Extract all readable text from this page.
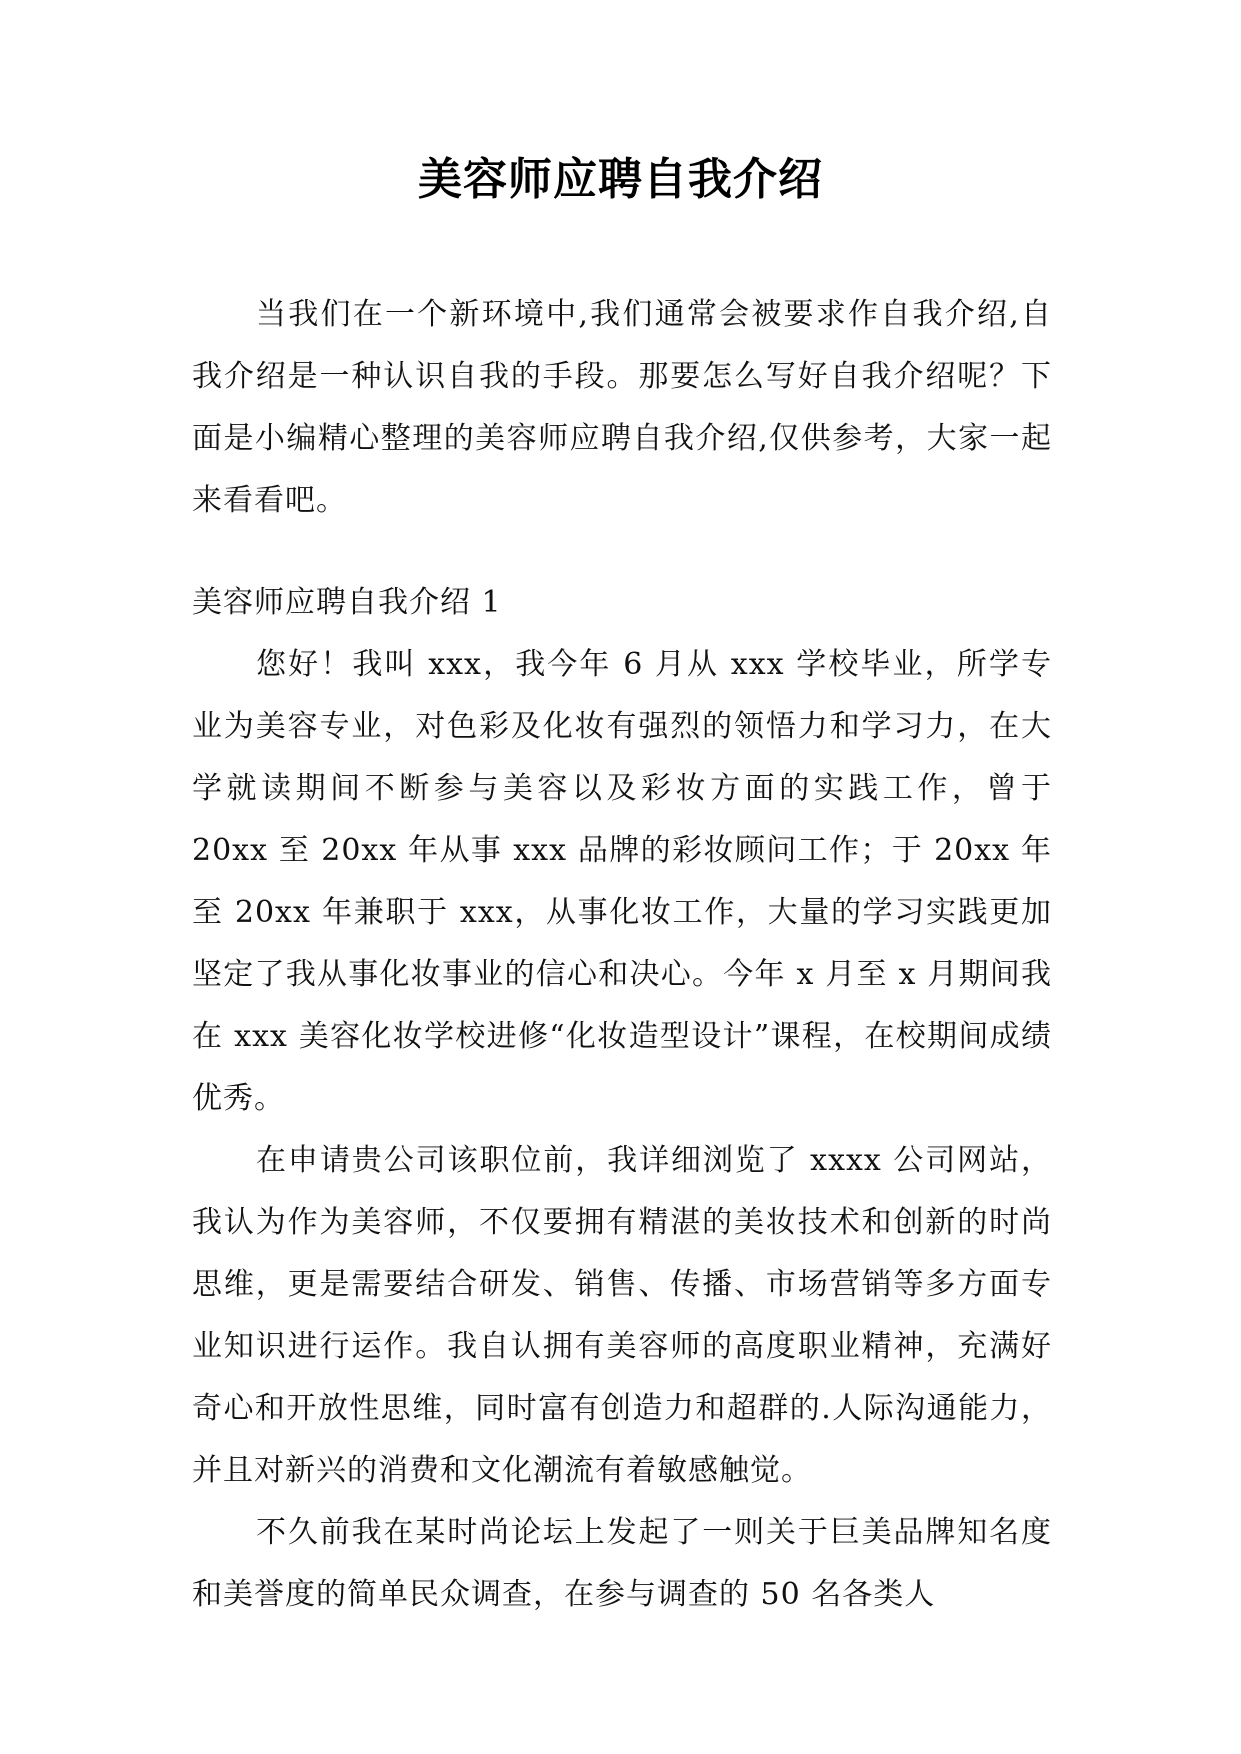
美容师应聘自我介绍

当我们在一个新环境中,我们通常会被要求作自我介绍,自我介绍是一种认识自我的手段。那要怎么写好自我介绍呢？下面是小编精心整理的美容师应聘自我介绍,仅供参考，大家一起来看看吧。

美容师应聘自我介绍 1

您好！我叫 xxx，我今年 6 月从 xxx 学校毕业，所学专业为美容专业，对色彩及化妆有强烈的领悟力和学习力，在大学就读期间不断参与美容以及彩妆方面的实践工作，曾于 20xx 至 20xx 年从事 xxx 品牌的彩妆顾问工作；于 20xx 年至 20xx 年兼职于 xxx，从事化妆工作，大量的学习实践更加坚定了我从事化妆事业的信心和决心。今年 x 月至 x 月期间我在 xxx 美容化妆学校进修“化妆造型设计”课程，在校期间成绩优秀。

在申请贵公司该职位前，我详细浏览了 xxxx 公司网站，我认为作为美容师，不仅要拥有精湛的美妆技术和创新的时尚思维，更是需要结合研发、销售、传播、市场营销等多方面专业知识进行运作。我自认拥有美容师的高度职业精神，充满好奇心和开放性思维，同时富有创造力和超群的.人际沟通能力，并且对新兴的消费和文化潮流有着敏感触觉。

不久前我在某时尚论坛上发起了一则关于巨美品牌知名度和美誉度的简单民众调查，在参与调查的 50 名各类人
